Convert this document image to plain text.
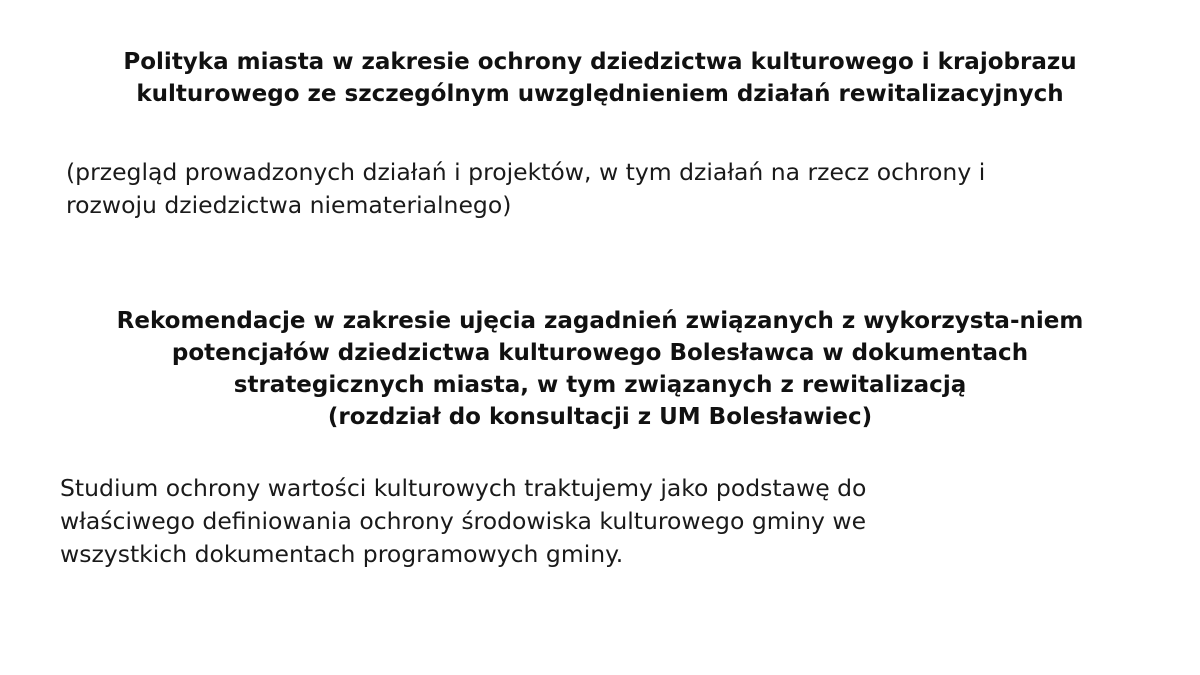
Polityka miasta w zakresie ochrony dziedzictwa kulturowego i krajobrazu
kulturowego ze szczególnym uwzględnieniem działań rewitalizacyjnych
(przegląd prowadzonych działań i projektów, w tym działań na rzecz ochrony i
rozwoju dziedzictwa niematerialnego)
Rekomendacje w zakresie ujęcia zagadnień związanych z wykorzysta-niem
potencjałów dziedzictwa kulturowego Bolesławca w dokumentach
strategicznych miasta, w tym związanych z rewitalizacją
(rozdział do konsultacji z UM Bolesławiec)
Studium ochrony wartości kulturowych traktujemy jako podstawę do
właściwego definiowania ochrony środowiska kulturowego gminy we
wszystkich dokumentach programowych gminy.
